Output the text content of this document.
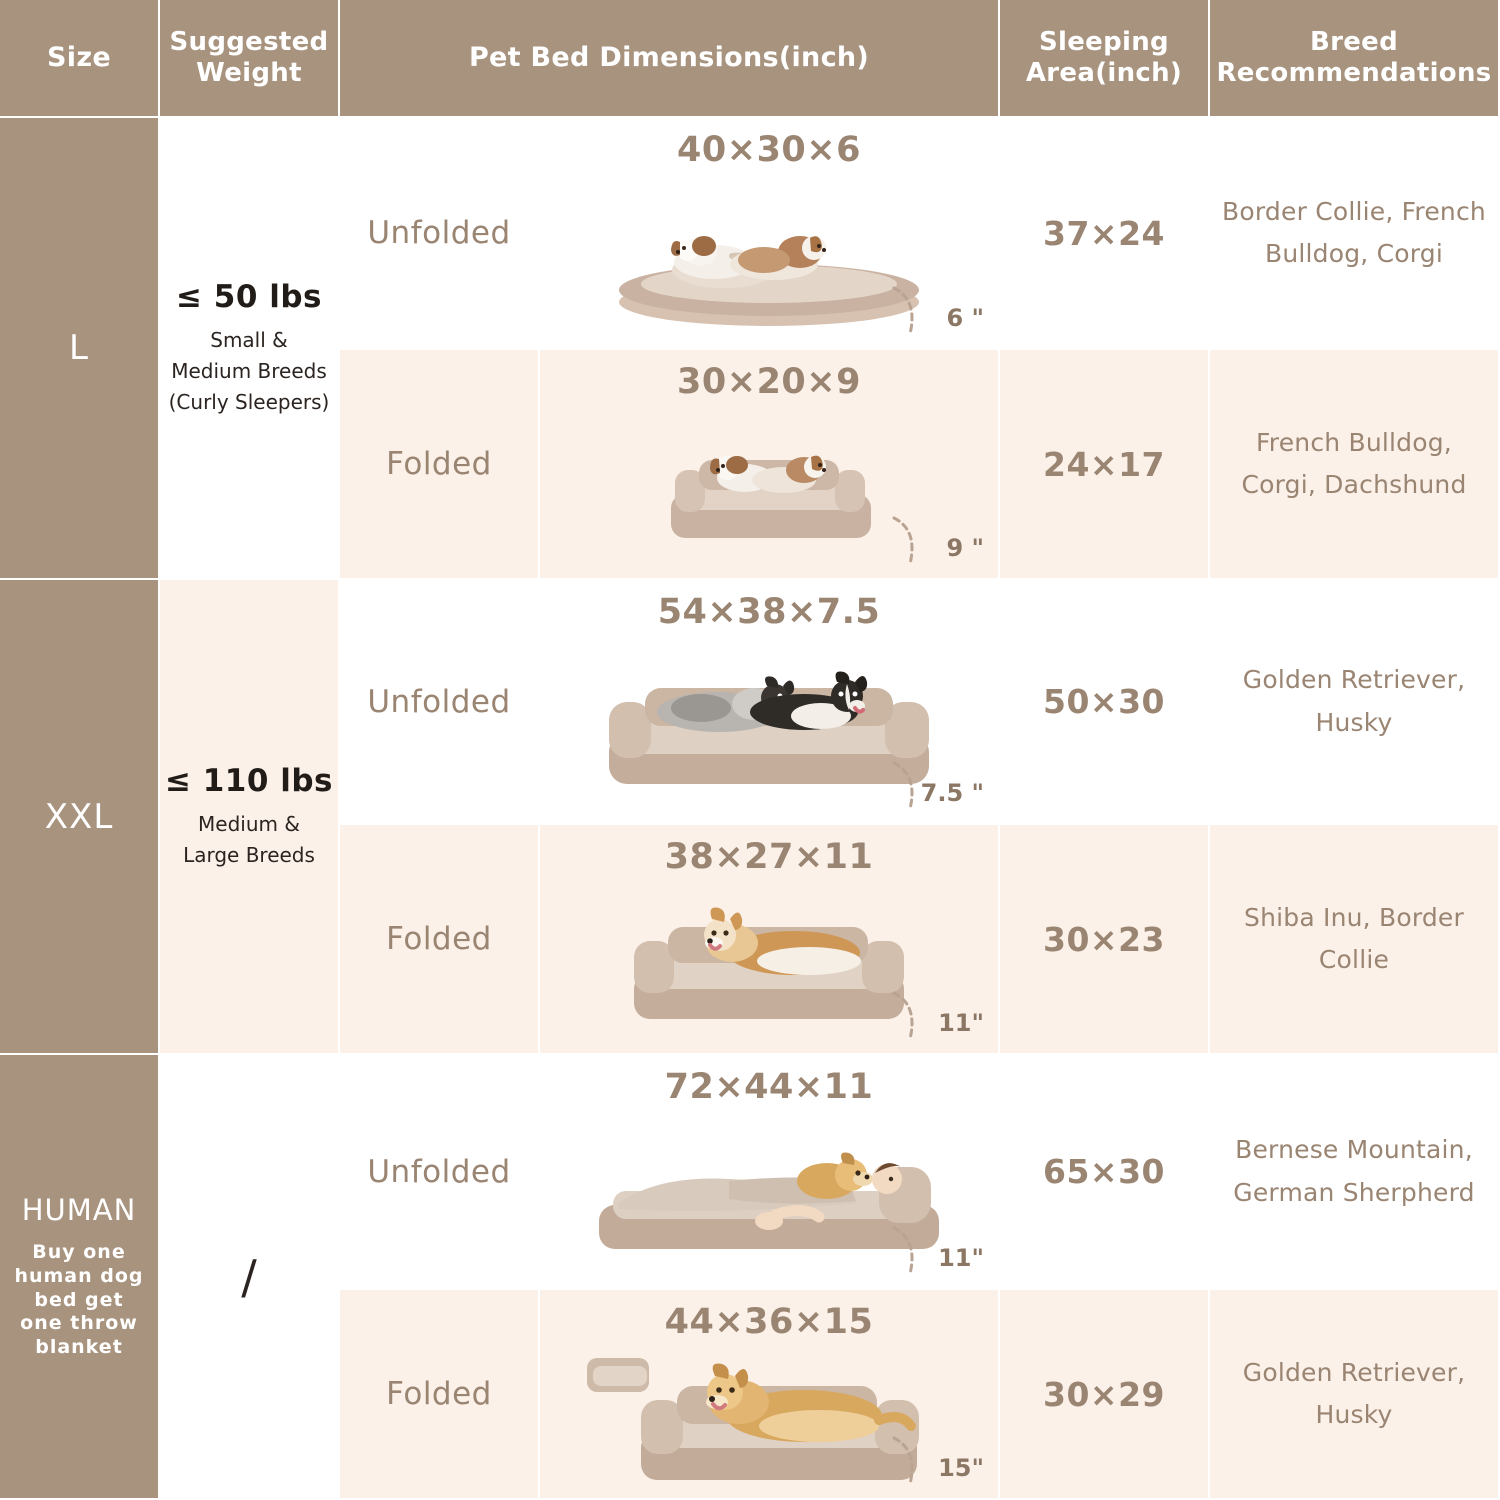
Size Suggested Weight	Pet Bed Dimensions(inch)	Sleeping Area(inch)
Breed Recommendations
L
≤ 50 lbs
Small & Medium Breeds (Curly Sleepers)
Unfolded
40×30×6
6 "
37×24
Border Collie, French Bulldog, Corgi
Folded
30×20×9
9 "
24×17
French Bulldog, Corgi, Dachshund
XXL
≤ 110 lbs
Medium & Large Breeds
Unfolded
54×38×7.5
7.5 "
50×30
Golden Retriever, Husky
Folded
38×27×11
11"
30×23
Shiba Inu, Border Collie
HUMAN
Buy one human dog bed get one throw blanket
/
Unfolded
72×44×11
11"
65×30
Bernese Mountain, German Sherpherd
Folded
44×36×15
15"
30×29
Golden Retriever, Husky
